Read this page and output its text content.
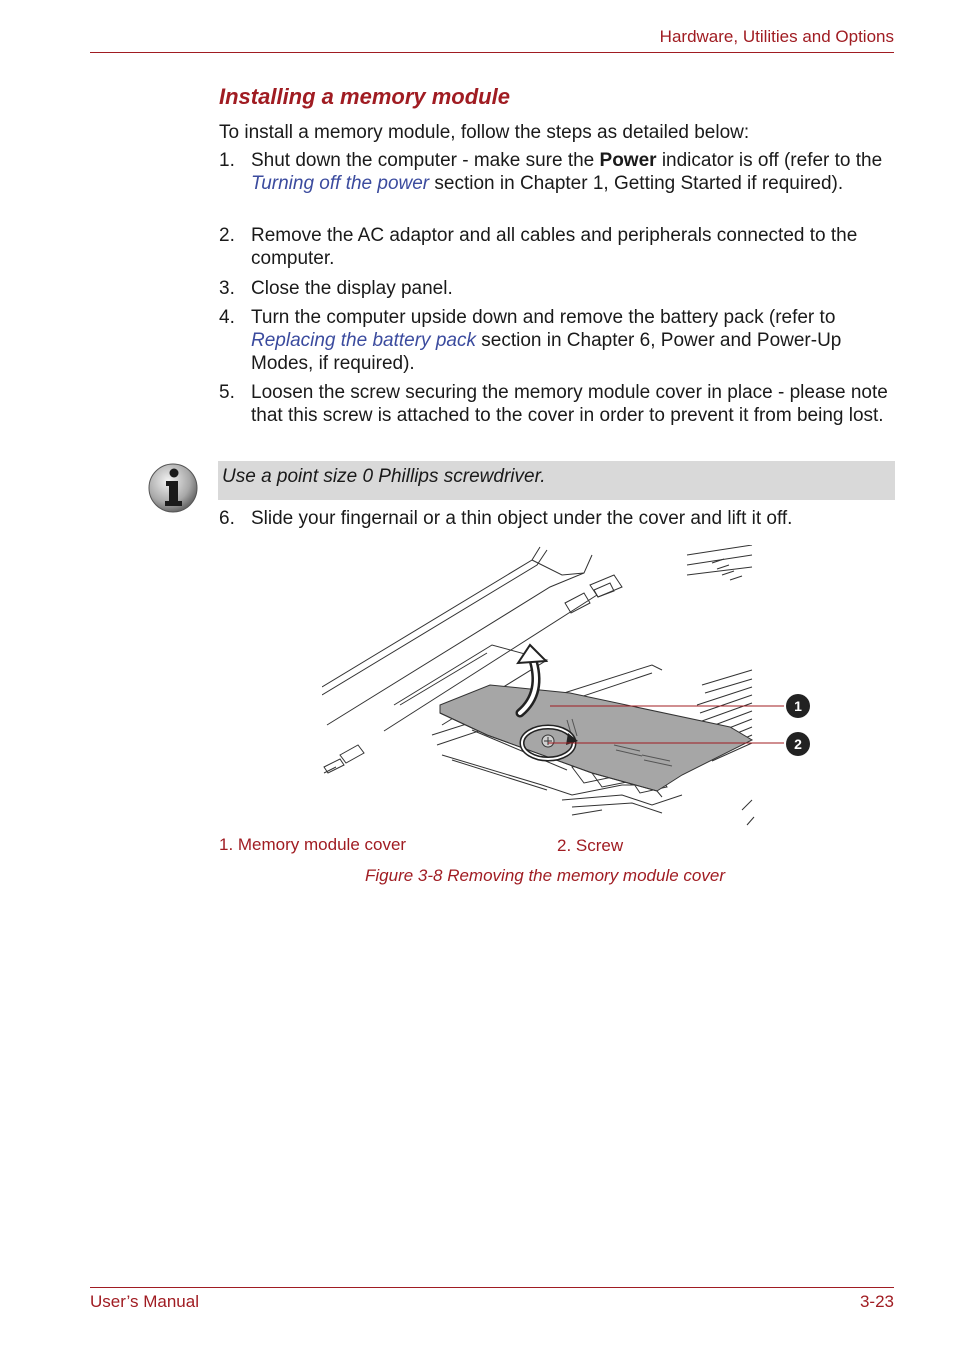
Hardware, Utilities and Options
Installing a memory module
To install a memory module, follow the steps as detailed below:
1. Shut down the computer - make sure the Power indicator is off (refer to the Turning off the power section in Chapter 1, Getting Started if required).
2. Remove the AC adaptor and all cables and peripherals connected to the computer.
3. Close the display panel.
4. Turn the computer upside down and remove the battery pack (refer to Replacing the battery pack section in Chapter 6, Power and Power-Up Modes, if required).
5. Loosen the screw securing the memory module cover in place - please note that this screw is attached to the cover in order to prevent it from being lost.
Use a point size 0 Phillips screwdriver.
6. Slide your fingernail or a thin object under the cover and lift it off.
1
2
1. Memory module cover	2. Screw
Figure 3-8 Removing the memory module cover
User’s Manual	3-23
